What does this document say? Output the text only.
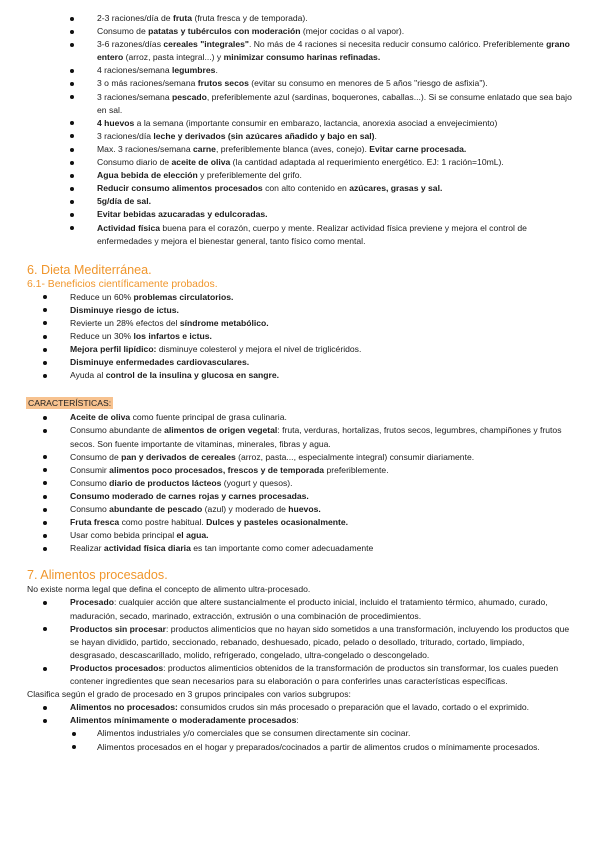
2-3 raciones/día de fruta (fruta fresca y de temporada).
Consumo de patatas y tubérculos con moderación (mejor cocidas o al vapor).
3-6 razones/días cereales "integrales". No más de 4 raciones si necesita reducir consumo calórico. Preferiblemente grano entero (arroz, pasta integral...) y minimizar consumo harinas refinadas.
4 raciones/semana legumbres.
3 o más raciones/semana frutos secos (evitar su consumo en menores de 5 años "riesgo de asfixia").
3 raciones/semana pescado, preferiblemente azul (sardinas, boquerones, caballas...). Si se consume enlatado que sea bajo en sal.
4 huevos a la semana (importante consumir en embarazo, lactancia, anorexia asociad a envejecimiento)
3 raciones/día leche y derivados (sin azúcares añadido y bajo en sal).
Max. 3 raciones/semana carne, preferiblemente blanca (aves, conejo). Evitar carne procesada.
Consumo diario de aceite de oliva (la cantidad adaptada al requerimiento energético. EJ: 1 ración=10mL).
Agua bebida de elección y preferiblemente del grifo.
Reducir consumo alimentos procesados con alto contenido en azúcares, grasas y sal.
5g/día de sal.
Evitar bebidas azucaradas y edulcoradas.
Actividad física buena para el corazón, cuerpo y mente. Realizar actividad física previene y mejora el control de enfermedades y mejora el bienestar general, tanto físico como mental.
6. Dieta Mediterránea.
6.1- Beneficios científicamente probados.
Reduce un 60% problemas circulatorios.
Disminuye riesgo de ictus.
Revierte un 28% efectos del síndrome metabólico.
Reduce un 30% los infartos e ictus.
Mejora perfil lipídico: disminuye colesterol y mejora el nivel de triglicéridos.
Disminuye enfermedades cardiovasculares.
Ayuda al control de la insulina y glucosa en sangre.
CARACTERÍSTICAS:
Aceite de oliva como fuente principal de grasa culinaria.
Consumo abundante de alimentos de origen vegetal: fruta, verduras, hortalizas, frutos secos, legumbres, champiñones y frutos secos. Son fuente importante de vitaminas, minerales, fibras y agua.
Consumo de pan y derivados de cereales (arroz, pasta..., especialmente integral) consumir diariamente.
Consumir alimentos poco procesados, frescos y de temporada preferiblemente.
Consumo diario de productos lácteos (yogurt y quesos).
Consumo moderado de carnes rojas y carnes procesadas.
Consumo abundante de pescado (azul) y moderado de huevos.
Fruta fresca como postre habitual. Dulces y pasteles ocasionalmente.
Usar como bebida principal el agua.
Realizar actividad física diaria es tan importante como comer adecuadamente
7. Alimentos procesados.

No existe norma legal que defina el concepto de alimento ultra-procesado.

Procesado: cualquier acción que altere sustancialmente el producto inicial, incluido el tratamiento térmico, ahumado, curado, maduración, secado, marinado, extracción, extrusión o una combinación de procedimientos.
Productos sin procesar: productos alimenticios que no hayan sido sometidos a una transformación, incluyendo los productos que se hayan dividido, partido, seccionado, rebanado, deshuesado, picado, pelado o desollado, triturado, cortado, limpiado, desgrasado, descascarillado, molido, refrigerado, congelado, ultra-congelado o descongelado.
Productos procesados: productos alimenticios obtenidos de la transformación de productos sin transformar, los cuales pueden contener ingredientes que sean necesarios para su elaboración o para conferirles unas características específicas.

Clasifica según el grado de procesado en 3 grupos principales con varios subgrupos:

Alimentos no procesados: consumidos crudos sin más procesado o preparación que el lavado, cortado o el exprimido.
Alimentos mínimamente o moderadamente procesados:
Alimentos industriales y/o comerciales que se consumen directamente sin cocinar.
Alimentos procesados en el hogar y preparados/cocinados a partir de alimentos crudos o mínimamente procesados.
